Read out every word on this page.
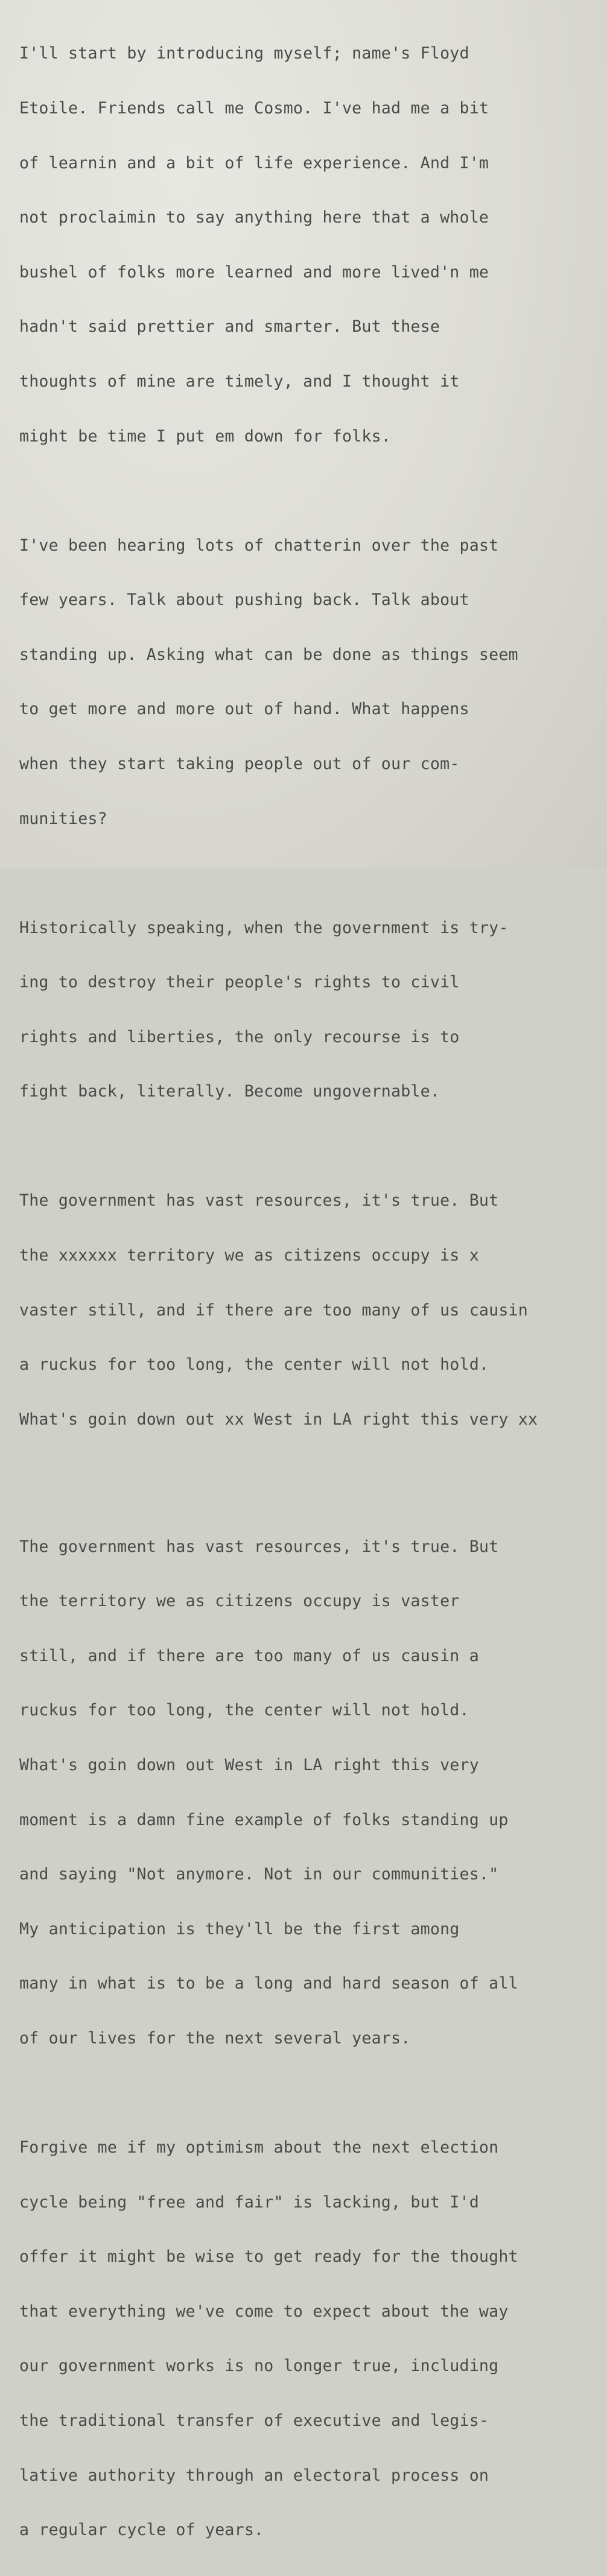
I'll start by introducing myself; name's Floyd

Etoile. Friends call me Cosmo. I've had me a bit

of learnin and a bit of life experience. And I'm

not proclaimin to say anything here that a whole

bushel of folks more learned and more lived'n me

hadn't said prettier and smarter. But these

thoughts of mine are timely, and I thought it

might be time I put em down for folks.

I've been hearing lots of chatterin over the past

few years. Talk about pushing back. Talk about

standing up. Asking what can be done as things seem

to get more and more out of hand. What happens

when they start taking people out of our com-

munities?

Historically speaking, when the government is try-

ing to destroy their people's rights to civil

rights and liberties, the only recourse is to

fight back, literally. Become ungovernable.

The government has vast resources, it's true. But

the xxxxxx territory we as citizens occupy is x

vaster still, and if there are too many of us causin

a ruckus for too long, the center will not hold.

What's goin down out xx West in LA right this very xx

The government has vast resources, it's true. But

the territory we as citizens occupy is vaster

still, and if there are too many of us causin a

ruckus for too long, the center will not hold.

What's goin down out West in LA right this very

moment is a damn fine example of folks standing up

and saying "Not anymore. Not in our communities."

My anticipation is they'll be the first among

many in what is to be a long and hard season of all

of our lives for the next several years.

Forgive me if my optimism about the next election

cycle being "free and fair" is lacking, but I'd

offer it might be wise to get ready for the thought

that everything we've come to expect about the way

our government works is no longer true, including

the traditional transfer of executive and legis-

lative authority through an electoral process on

a regular cycle of years.
